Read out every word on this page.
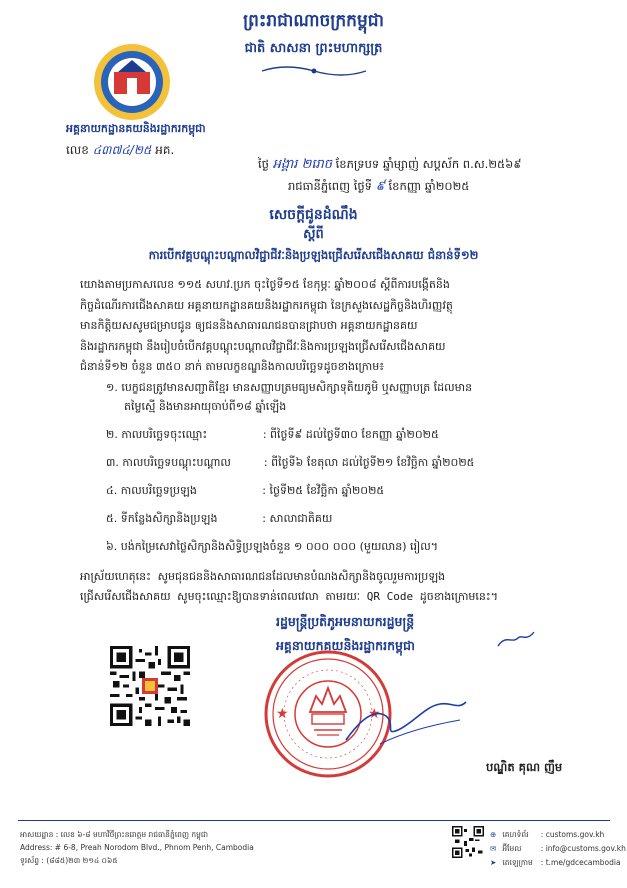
ព្រះរាជាណាចក្រកម្ពុជា
ជាតិ សាសនា ព្រះមហាក្សត្រ
អគ្គនាយកដ្ឋានគយនិងរដ្ឋាករកម្ពុជា
លេខ ៤៣៧៤/២៥ អគ.
ថ្ងៃ អង្គារ ២រោច ខែភទ្របទ ឆ្នាំម្សាញ់ សប្តស័ក ព.ស.២៥៦៩
រាជធានីភ្នំពេញ ថ្ងៃទី ៩ ខែកញ្ញា ឆ្នាំ២០២៥
សេចក្តីជូនដំណឹង
ស្តីពី
ការបើកវគ្គបណ្តុះបណ្តាលវិជ្ជាជីវៈនិងប្រឡងជ្រើសរើសជើងសាគយ ជំនាន់ទី១២
យោងតាមប្រកាសលេខ ១១៥ សហវ.ប្រក ចុះថ្ងៃទី១៥ ខែកុម្ភៈ ឆ្នាំ២០០៨ ស្តីពីការបង្កើតនិង
កិច្ចដំណើរការជើងសាគយ អគ្គនាយកដ្ឋានគយនិងរដ្ឋាករកម្ពុជា នៃក្រសួងសេដ្ឋកិច្ចនិងហិរញ្ញវត្ថុ
មានកិត្តិយសសូមជម្រាបជូន ឲ្យជននិងសាធារណជនបានជ្រាបថា អគ្គនាយកដ្ឋានគយ
និងរដ្ឋាករកម្ពុជា នឹងរៀបចំបើកវគ្គបណ្តុះបណ្តាលវិជ្ជាជីវៈនិងការប្រឡងជ្រើសរើសជើងសាគយ
ជំនាន់ទី១២ ចំនួន ៣៥០ នាក់ តាមលក្ខខណ្ឌនិងកាលបរិច្ឆេទដូចខាងក្រោម៖
១. បេក្ខជនត្រូវមានសញ្ជាតិខ្មែរ មានសញ្ញាបត្រមធ្យមសិក្សាទុតិយភូមិ ឬសញ្ញាបត្រ ដែលមាន
តម្លៃស្មើ និងមានអាយុចាប់ពី១៨ ឆ្នាំឡើង
២. កាលបរិច្ឆេទចុះឈ្មោះ	: ពីថ្ងៃទី៩ ដល់ថ្ងៃទី៣០ ខែកញ្ញា ឆ្នាំ២០២៥
៣. កាលបរិច្ឆេទបណ្តុះបណ្តាល	: ពីថ្ងៃទី៦ ខែតុលា ដល់ថ្ងៃទី២១ ខែវិច្ឆិកា ឆ្នាំ២០២៥
៤. កាលបរិច្ឆេទប្រឡង	: ថ្ងៃទី២៥ ខែវិច្ឆិកា ឆ្នាំ២០២៥
៥. ទីកន្លែងសិក្សានិងប្រឡង	: សាលាជាតិគយ
៦. បង់កម្រៃសេវាថ្លៃសិក្សានិងសិទ្ធិប្រឡងចំនួន ១ ០០០ ០០០ (មួយលាន) រៀល។
អាស្រ័យហេតុនេះ សូមជុនជននិងសាធារណជនដែលមានបំណងសិក្សានិងចូលរួមការប្រឡង
ជ្រើសរើសជើងសាគយ សូមចុះឈ្មោះឱ្យបានទាន់ពេលវេលា តាមរយៈ QR Code ដូចខាងក្រោមនេះ។
រដ្ឋមន្ត្រីប្រតិភូអមនាយករដ្ឋមន្ត្រី
អគ្គនាយកគយនិងរដ្ឋាករកម្ពុជា
★	★
បណ្ឌិត គុណ ញឹម
អាសយដ្ឋាន : លេខ ៦-៨ មហាវិថីព្រះនរោត្តម រាជធានីភ្នំពេញ កម្ពុជា
Address: # 6-8, Preah Norodom Blvd., Phnom Penh, Cambodia
ទូរស័ព្ទ : (៨៨៥)២៣ ២១៤ ០៦៥
⊕ គេហទំព័រ : customs.gov.kh
✉ អ៊ីមែល	: info@customs.gov.kh
➤ តេឡេក្រាម : t.me/gdcecambodia
